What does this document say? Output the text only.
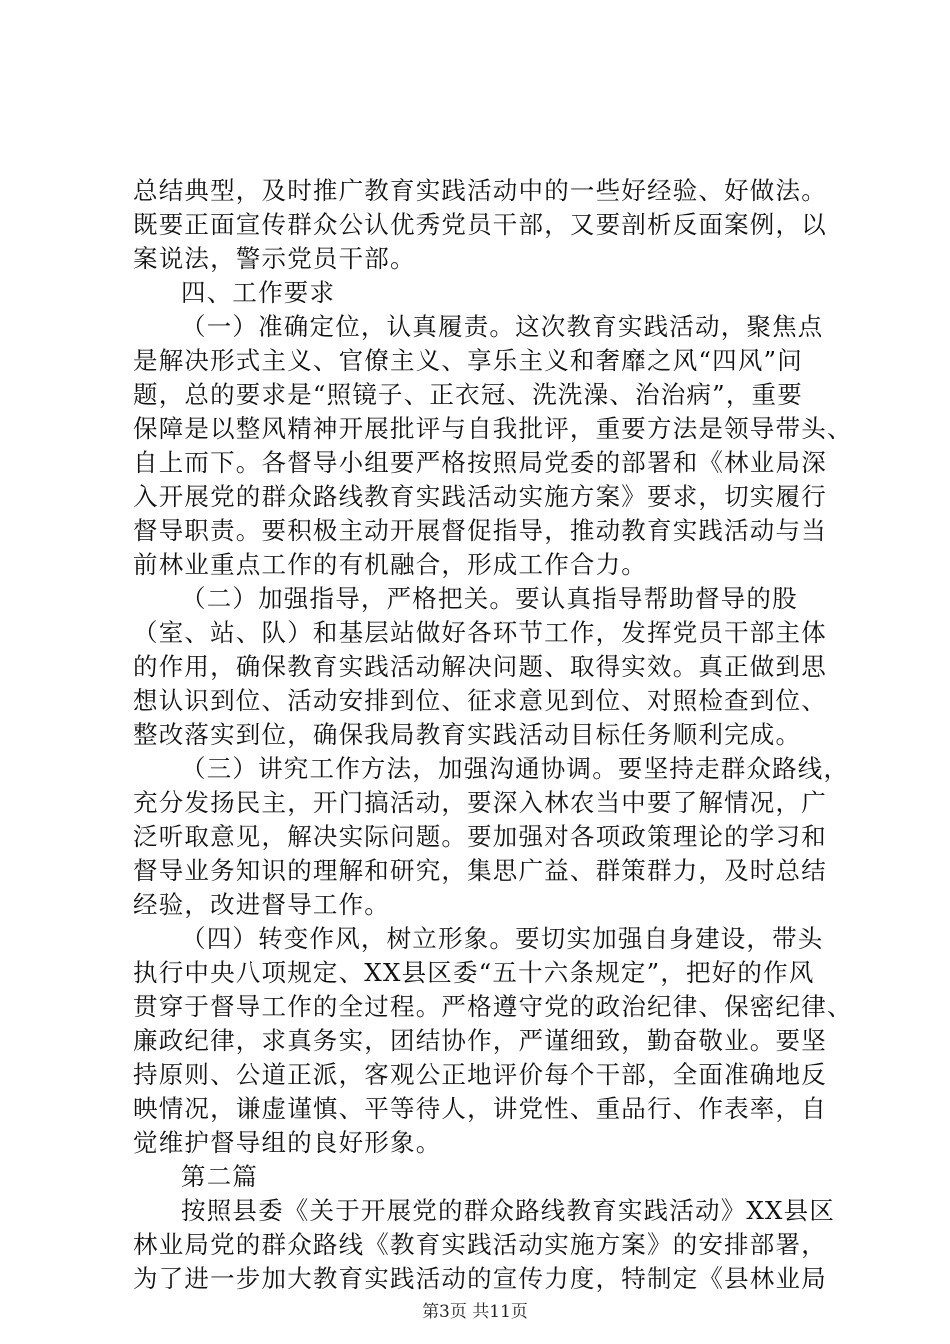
总结典型，及时推广教育实践活动中的一些好经验、好做法。
既要正面宣传群众公认优秀党员干部，又要剖析反面案例，以
案说法，警示党员干部。
四、工作要求
（一）准确定位，认真履责。这次教育实践活动，聚焦点
是解决形式主义、官僚主义、享乐主义和奢靡之风“四风”问
题，总的要求是“照镜子、正衣冠、洗洗澡、治治病”，重要
保障是以整风精神开展批评与自我批评，重要方法是领导带头、
自上而下。各督导小组要严格按照局党委的部署和《林业局深
入开展党的群众路线教育实践活动实施方案》要求，切实履行
督导职责。要积极主动开展督促指导，推动教育实践活动与当
前林业重点工作的有机融合，形成工作合力。
（二）加强指导，严格把关。要认真指导帮助督导的股
（室、站、队）和基层站做好各环节工作，发挥党员干部主体
的作用，确保教育实践活动解决问题、取得实效。真正做到思
想认识到位、活动安排到位、征求意见到位、对照检查到位、
整改落实到位，确保我局教育实践活动目标任务顺利完成。
（三）讲究工作方法，加强沟通协调。要坚持走群众路线，
充分发扬民主，开门搞活动，要深入林农当中要了解情况，广
泛听取意见，解决实际问题。要加强对各项政策理论的学习和
督导业务知识的理解和研究，集思广益、群策群力，及时总结
经验，改进督导工作。
（四）转变作风，树立形象。要切实加强自身建设，带头
执行中央八项规定、XX县区委“五十六条规定”，把好的作风
贯穿于督导工作的全过程。严格遵守党的政治纪律、保密纪律、
廉政纪律，求真务实，团结协作，严谨细致，勤奋敬业。要坚
持原则、公道正派，客观公正地评价每个干部，全面准确地反
映情况，谦虚谨慎、平等待人，讲党性、重品行、作表率，自
觉维护督导组的良好形象。
第二篇
按照县委《关于开展党的群众路线教育实践活动》XX县区
林业局党的群众路线《教育实践活动实施方案》的安排部署，
为了进一步加大教育实践活动的宣传力度，特制定《县林业局
第3页 共11页
